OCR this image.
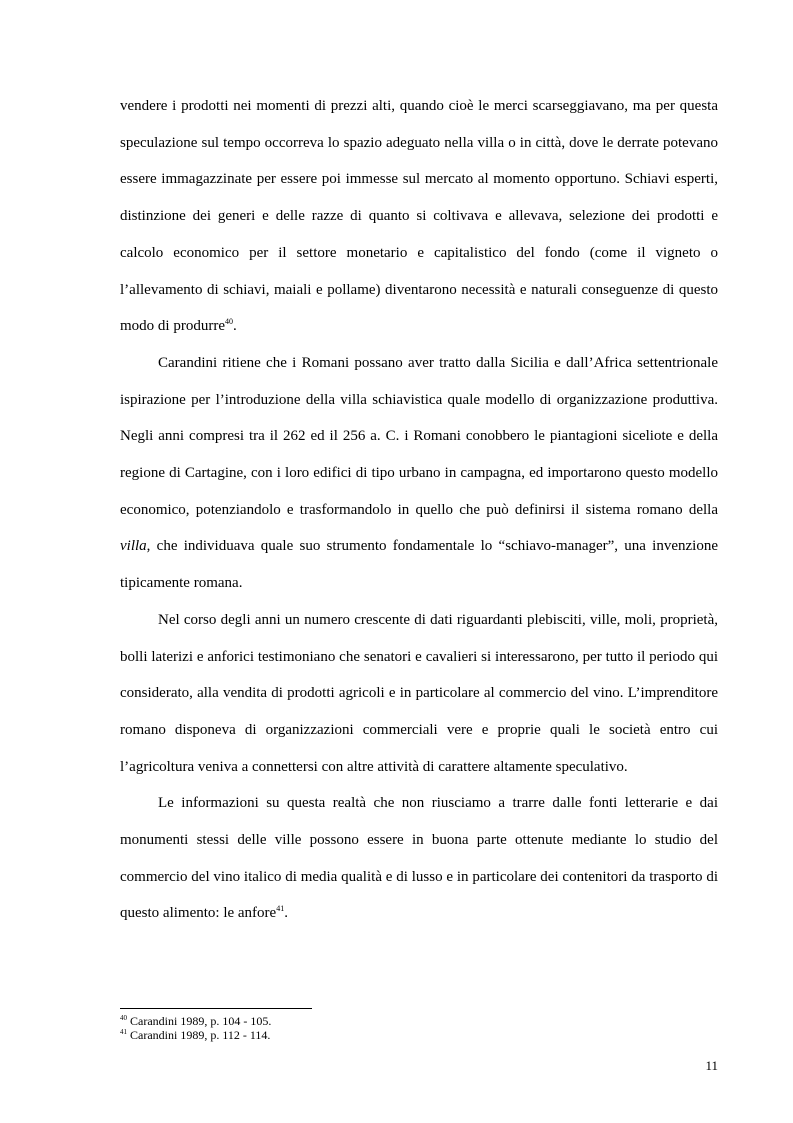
vendere i prodotti nei momenti di prezzi alti, quando cioè le merci scarseggiavano, ma per questa speculazione sul tempo occorreva lo spazio adeguato nella villa o in città, dove le derrate potevano essere immagazzinate per essere poi immesse sul mercato al momento opportuno. Schiavi esperti, distinzione dei generi e delle razze di quanto si coltivava e allevava, selezione dei prodotti e calcolo economico per il settore monetario e capitalistico del fondo (come il vigneto o l’allevamento di schiavi, maiali e pollame) diventarono necessità e naturali conseguenze di questo modo di produrre$^{40}$.

Carandini ritiene che i Romani possano aver tratto dalla Sicilia e dall’Africa settentrionale ispirazione per l’introduzione della villa schiavistica quale modello di organizzazione produttiva. Negli anni compresi tra il 262 ed il 256 a. C. i Romani conobbero le piantagioni siceliote e della regione di Cartagine, con i loro edifici di tipo urbano in campagna, ed importarono questo modello economico, potenziandolo e trasformandolo in quello che può definirsi il sistema romano della villa, che individuava quale suo strumento fondamentale lo “schiavo-manager”, una invenzione tipicamente romana.

Nel corso degli anni un numero crescente di dati riguardanti plebisciti, ville, moli, proprietà, bolli laterizi e anforici testimoniano che senatori e cavalieri si interessarono, per tutto il periodo qui considerato, alla vendita di prodotti agricoli e in particolare al commercio del vino. L’imprenditore romano disponeva di organizzazioni commerciali vere e proprie quali le società entro cui l’agricoltura veniva a connettersi con altre attività di carattere altamente speculativo.

Le informazioni su questa realtà che non riusciamo a trarre dalle fonti letterarie e dai monumenti stessi delle ville possono essere in buona parte ottenute mediante lo studio del commercio del vino italico di media qualità e di lusso e in particolare dei contenitori da trasporto di questo alimento: le anfore$^{41}$.

$^{40}$ Carandini 1989, p. 104 - 105.

$^{41}$ Carandini 1989, p. 112 - 114.

11
